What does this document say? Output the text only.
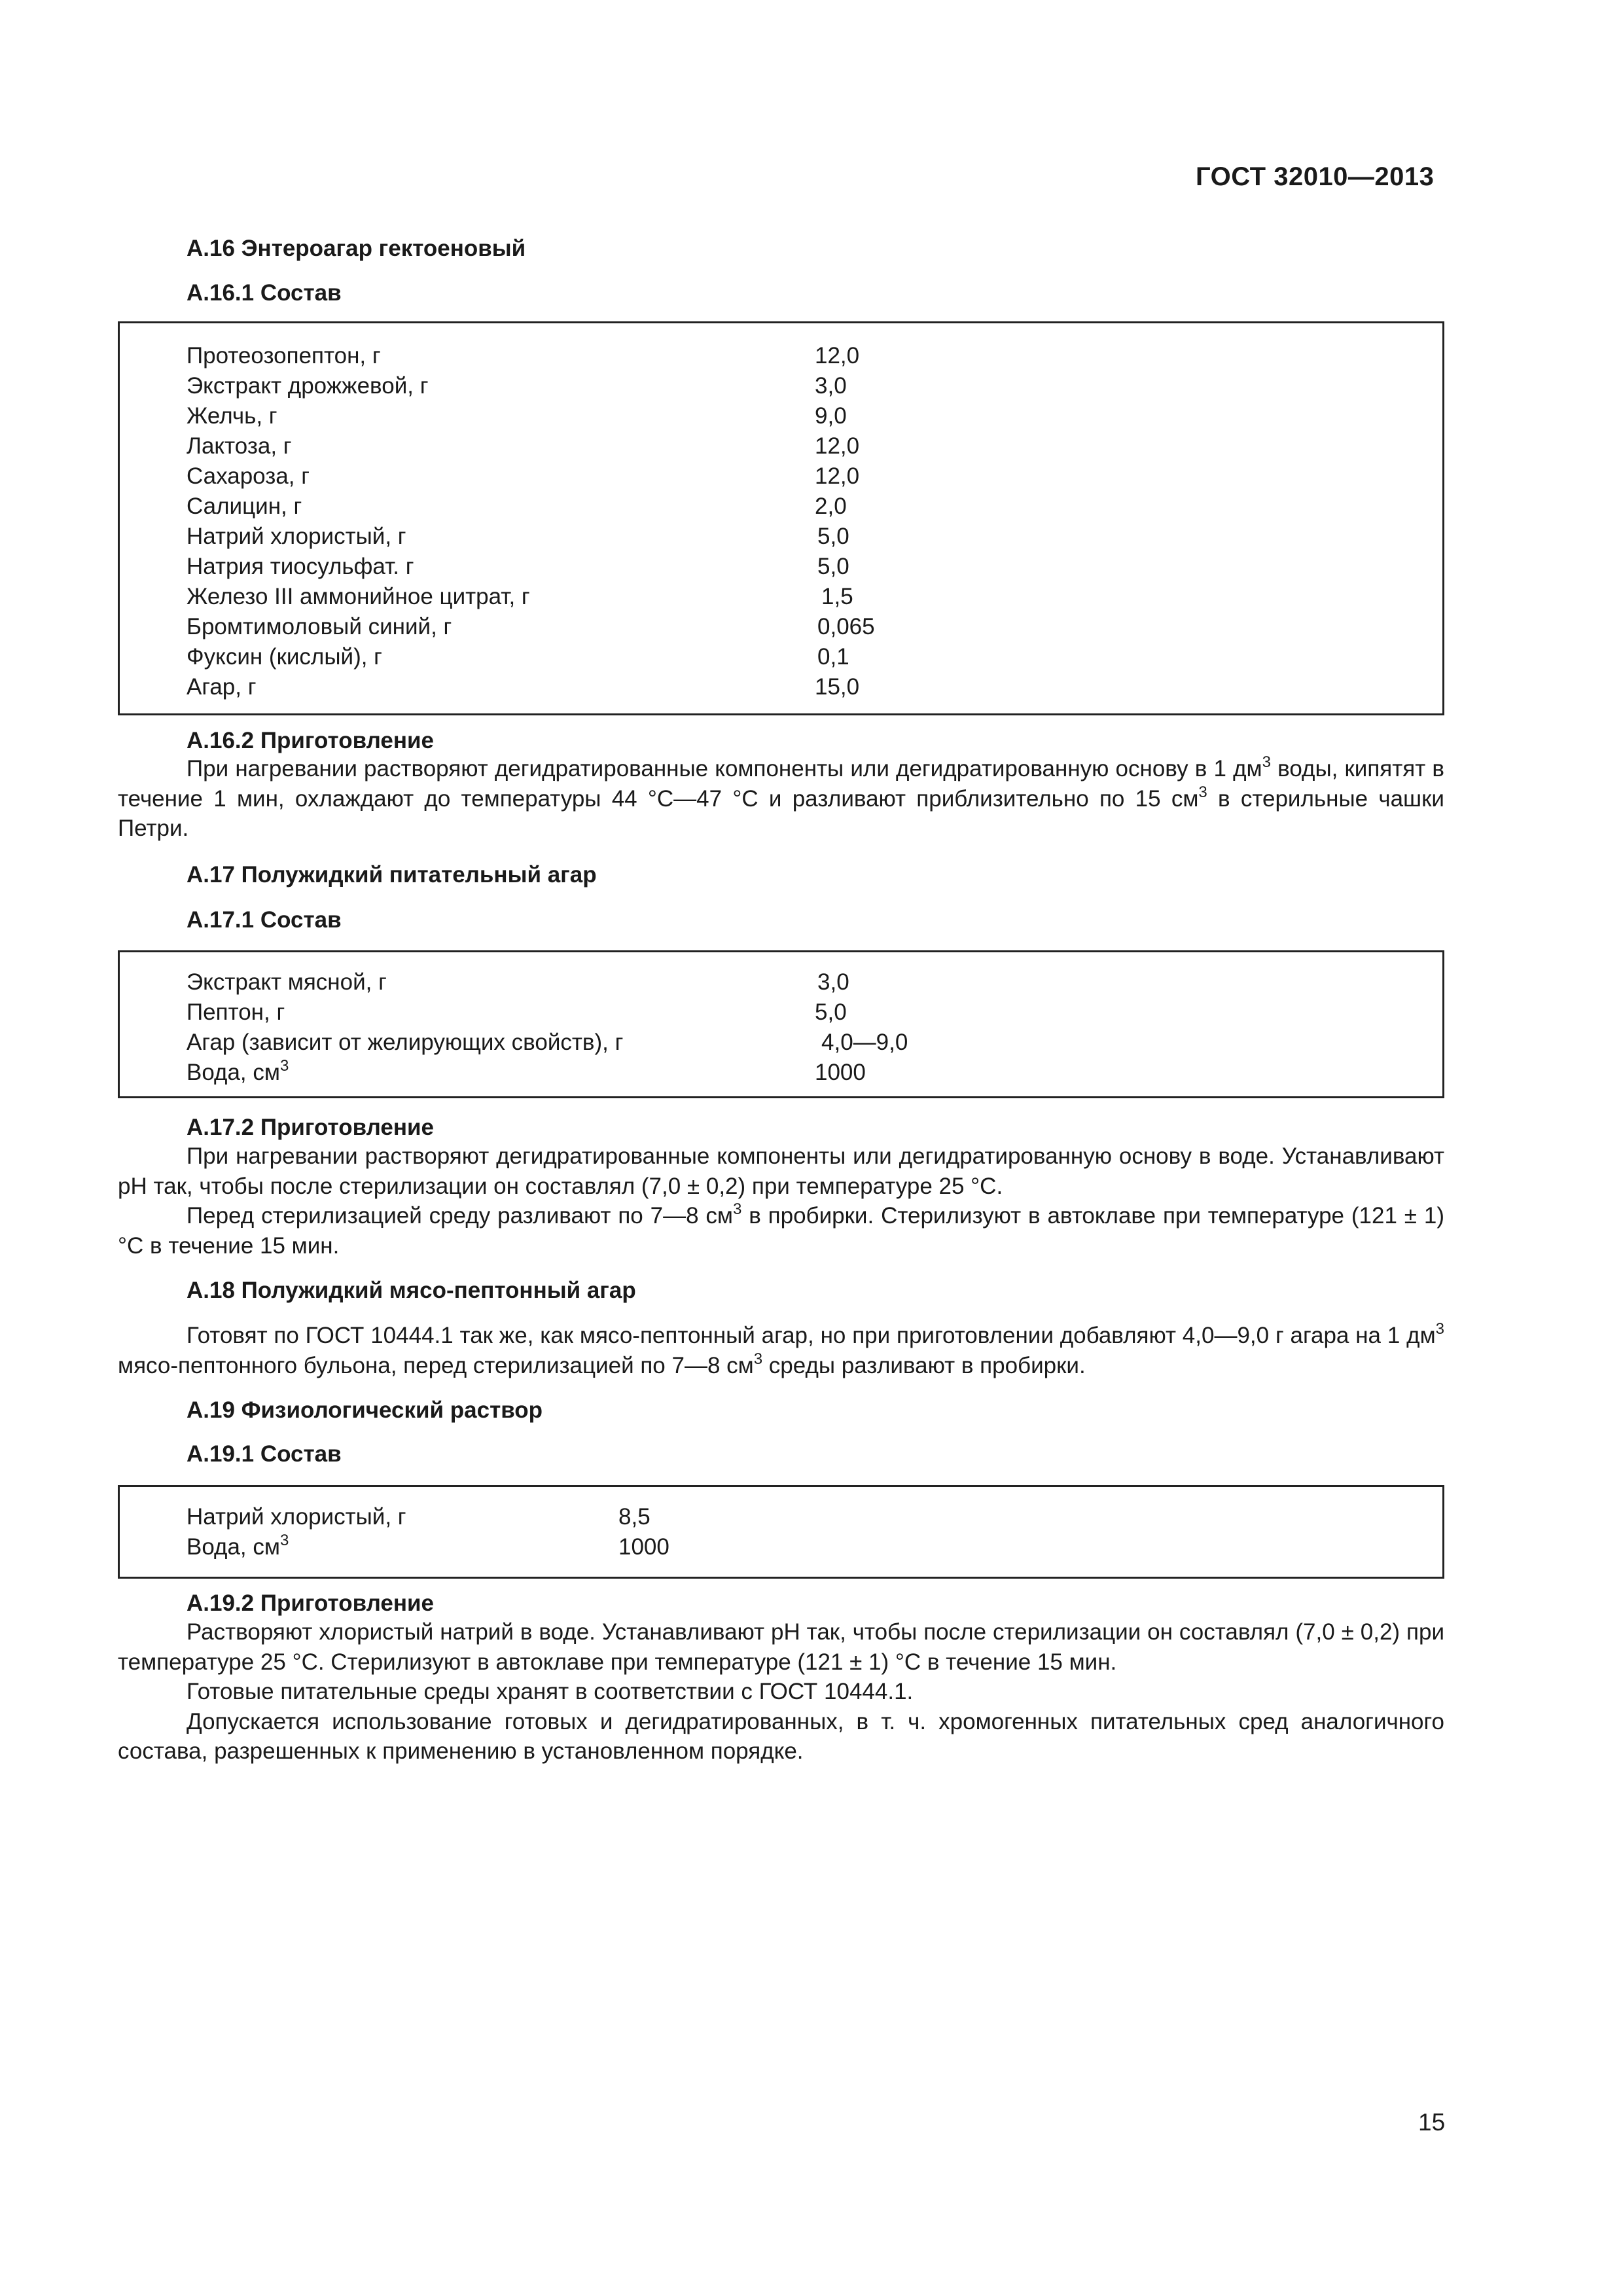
ГОСТ 32010—2013
А.16 Энтероагар гектоеновый
А.16.1 Состав
Протеозопептон, г	12,0
Экстракт дрожжевой, г	3,0
Желчь, г	9,0
Лактоза, г	12,0
Сахароза, г	12,0
Салицин, г	2,0
Натрий хлористый, г	5,0
Натрия тиосульфат. г	5,0
Железо III аммонийное цитрат, г	1,5
Бромтимоловый синий, г	0,065
Фуксин (кислый), г	0,1
Агар, г	15,0
А.16.2 Приготовление

При нагревании растворяют дегидратированные компоненты или дегидратированную основу в 1 $дм^3$ воды, кипятят в течение 1 мин, охлаждают до температуры 44 °С—47 °С и разливают приблизительно по 15 $см^3$ в стерильные чашки Петри.

А.17 Полужидкий питательный агар
А.17.1 Состав
Экстракт мясной, г	3,0
Пептон, г	5,0
Агар (зависит от желирующих свойств), г	4,0—9,0
Вода, $см^3$	1000
А.17.2 Приготовление

При нагревании растворяют дегидратированные компоненты или дегидратированную основу в воде. Устанавливают pH так, чтобы после стерилизации он составлял (7,0 ± 0,2) при температуре 25 °С.

Перед стерилизацией среду разливают по 7—8 $см^3$ в пробирки. Стерилизуют в автоклаве при температуре (121 ± 1) °С в течение 15 мин.

А.18 Полужидкий мясо-пептонный агар

Готовят по ГОСТ 10444.1 так же, как мясо-пептонный агар, но при приготовлении добавляют 4,0—9,0 г агара на 1 $дм^3$ мясо-пептонного бульона, перед стерилизацией по 7—8 $см^3$ среды разливают в пробирки.

А.19 Физиологический раствор
А.19.1 Состав
Натрий хлористый, г	8,5
Вода, $см^3$	1000
А.19.2 Приготовление

Растворяют хлористый натрий в воде. Устанавливают pH так, чтобы после стерилизации он составлял (7,0 ± 0,2) при температуре 25 °С. Стерилизуют в автоклаве при температуре (121 ± 1) °С в течение 15 мин.

Готовые питательные среды хранят в соответствии с ГОСТ 10444.1.

Допускается использование готовых и дегидратированных, в т. ч. хромогенных питательных сред аналогичного состава, разрешенных к применению в установленном порядке.

15
